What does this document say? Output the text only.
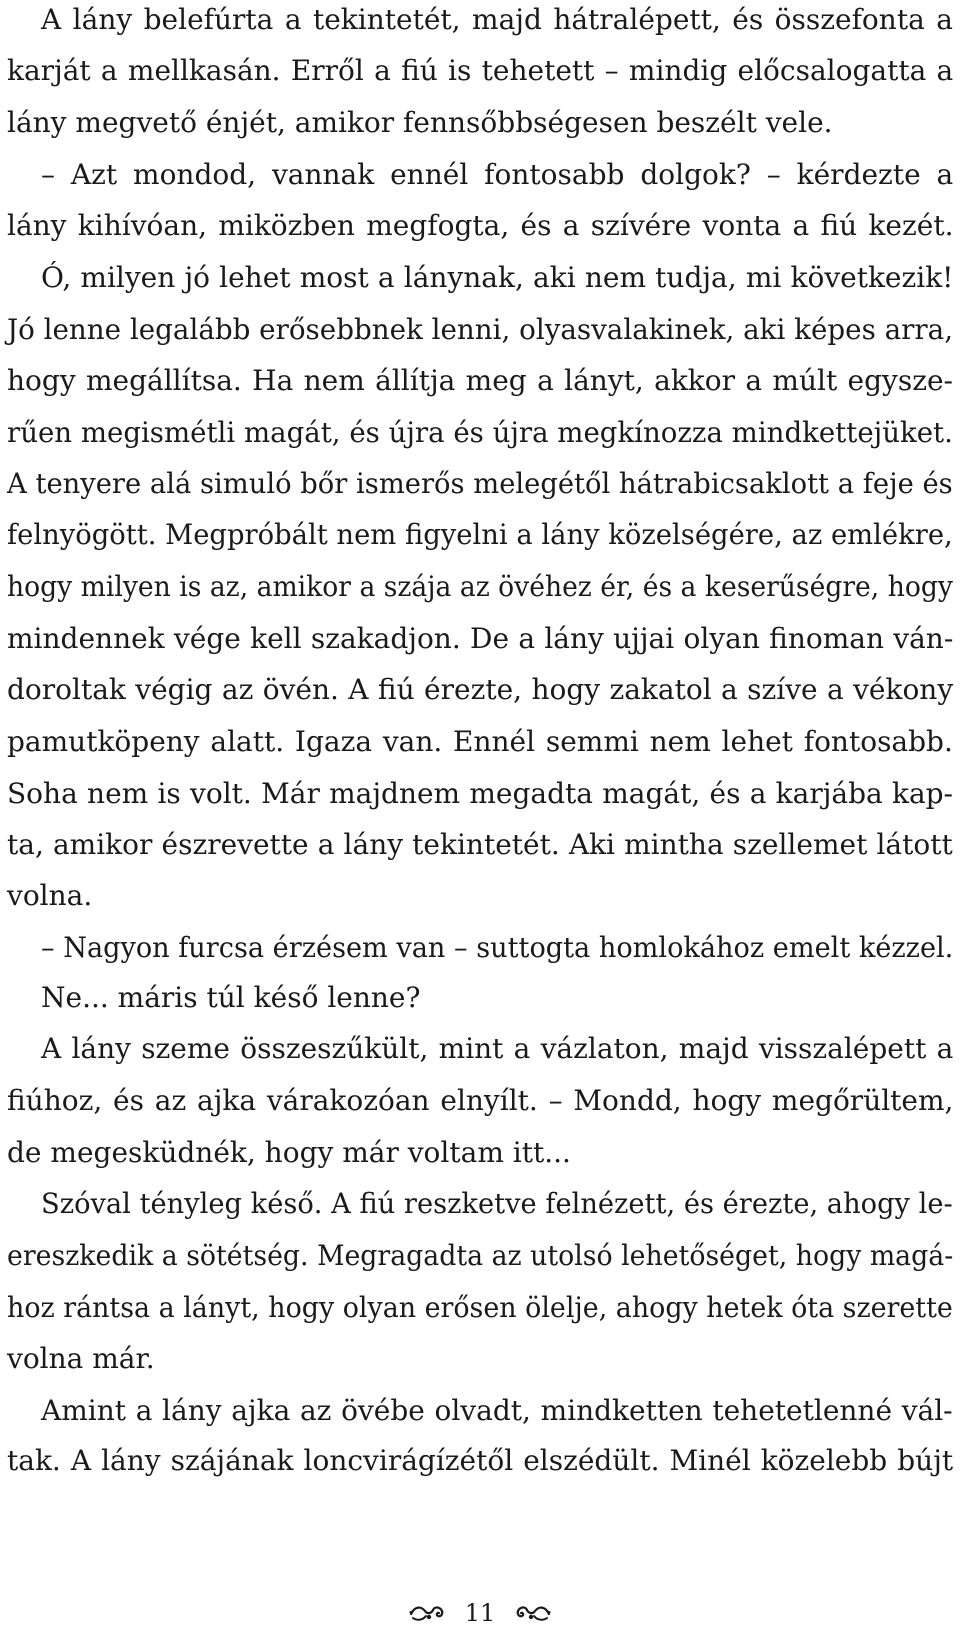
A lány belefúrta a tekintetét, majd hátralépett, és összefonta a
karját a mellkasán. Erről a fiú is tehetett – mindig előcsalogatta a
lány megvető énjét, amikor fennsőbbségesen beszélt vele.
– Azt mondod, vannak ennél fontosabb dolgok? – kérdezte a
lány kihívóan, miközben megfogta, és a szívére vonta a fiú kezét.
Ó, milyen jó lehet most a lánynak, aki nem tudja, mi következik!
Jó lenne legalább erősebbnek lenni, olyasvalakinek, aki képes arra,
hogy megállítsa. Ha nem állítja meg a lányt, akkor a múlt egysze-
rűen megismétli magát, és újra és újra megkínozza mindkettejüket.
A tenyere alá simuló bőr ismerős melegétől hátrabicsaklott a feje és
felnyögött. Megpróbált nem figyelni a lány közelségére, az emlékre,
hogy milyen is az, amikor a szája az övéhez ér, és a keserűségre, hogy
mindennek vége kell szakadjon. De a lány ujjai olyan finoman ván-
doroltak végig az övén. A fiú érezte, hogy zakatol a szíve a vékony
pamutköpeny alatt. Igaza van. Ennél semmi nem lehet fontosabb.
Soha nem is volt. Már majdnem megadta magát, és a karjába kap-
ta, amikor észrevette a lány tekintetét. Aki mintha szellemet látott
volna.
– Nagyon furcsa érzésem van – suttogta homlokához emelt kézzel.
Ne... máris túl késő lenne?
A lány szeme összeszűkült, mint a vázlaton, majd visszalépett a
fiúhoz, és az ajka várakozóan elnyílt. – Mondd, hogy megőrültem,
de megesküdnék, hogy már voltam itt...
Szóval tényleg késő. A fiú reszketve felnézett, és érezte, ahogy le-
ereszkedik a sötétség. Megragadta az utolsó lehetőséget, hogy magá-
hoz rántsa a lányt, hogy olyan erősen ölelje, ahogy hetek óta szerette
volna már.
Amint a lány ajka az övébe olvadt, mindketten tehetetlenné vál-
tak. A lány szájának loncvirágízétől elszédült. Minél közelebb bújt
11
